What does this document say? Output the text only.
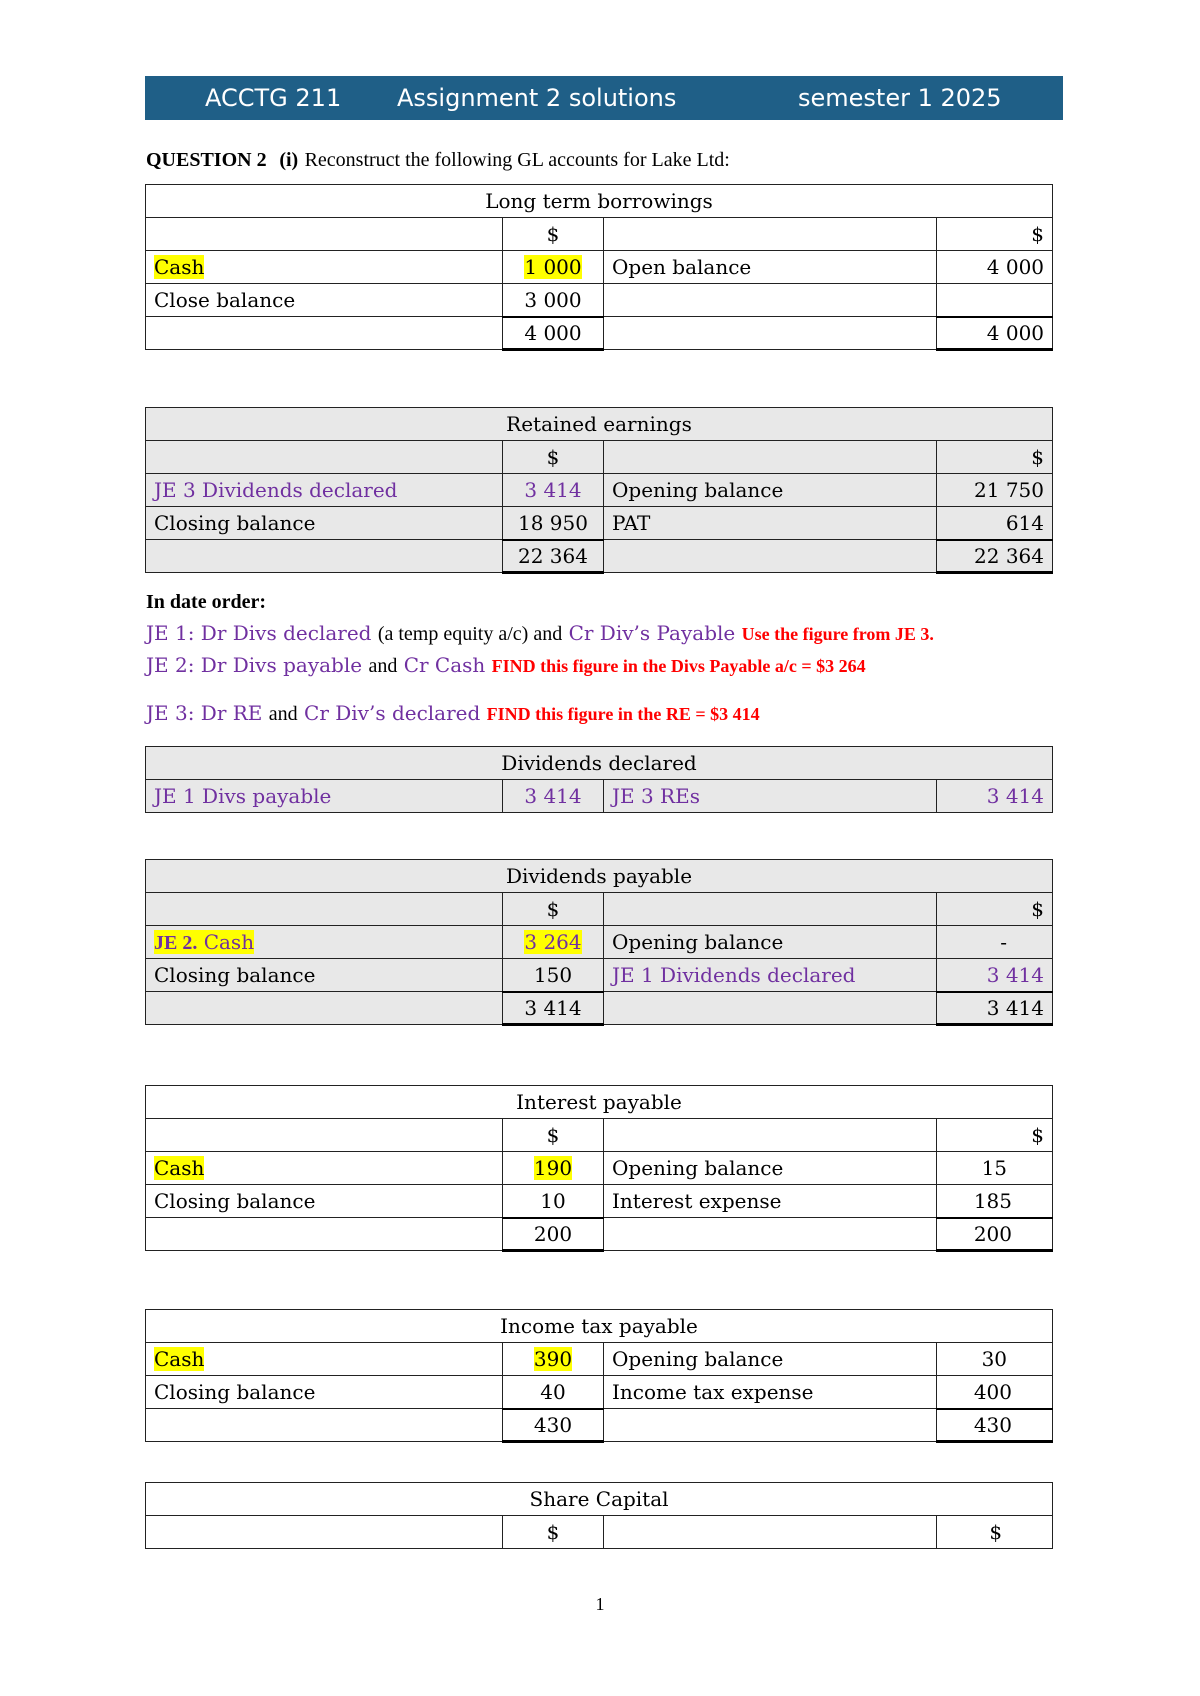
ACCTG 211 Assignment 2 solutions	semester 1 2025
QUESTION 2 (i) Reconstruct the following GL accounts for Lake Ltd:
Long term borrowings			
	$		$
Cash	1 000	Open balance	4 000
Close balance	3 000		
	4 000		4 000
Retained earnings			
	$		$
JE 3 Dividends declared	3 414	Opening balance	21 750
Closing balance	18 950	PAT	614
	22 364		22 364
In date order:
JE 1: Dr Divs declared (a temp equity a/c) and Cr Div’s Payable Use the figure from JE 3.
JE 2: Dr Divs payable and Cr Cash FIND this figure in the Divs Payable a/c = $3 264
JE 3: Dr RE and Cr Div’s declared FIND this figure in the RE = $3 414
Dividends declared
JE 1 Divs payable	3 414	JE 3 REs	3 414
Dividends payable			
	$		$
JE 2. Cash	3 264	Opening balance	-
Closing balance	150	JE 1 Dividends declared	3 414
	3 414		3 414
Interest payable			
	$		$
Cash	190	Opening balance	15
Closing balance	10	Interest expense	185
	200		200
Income tax payable			
Cash	390	Opening balance	30
Closing balance	40	Income tax expense	400
	430		430
Share Capital
	$		$
1
